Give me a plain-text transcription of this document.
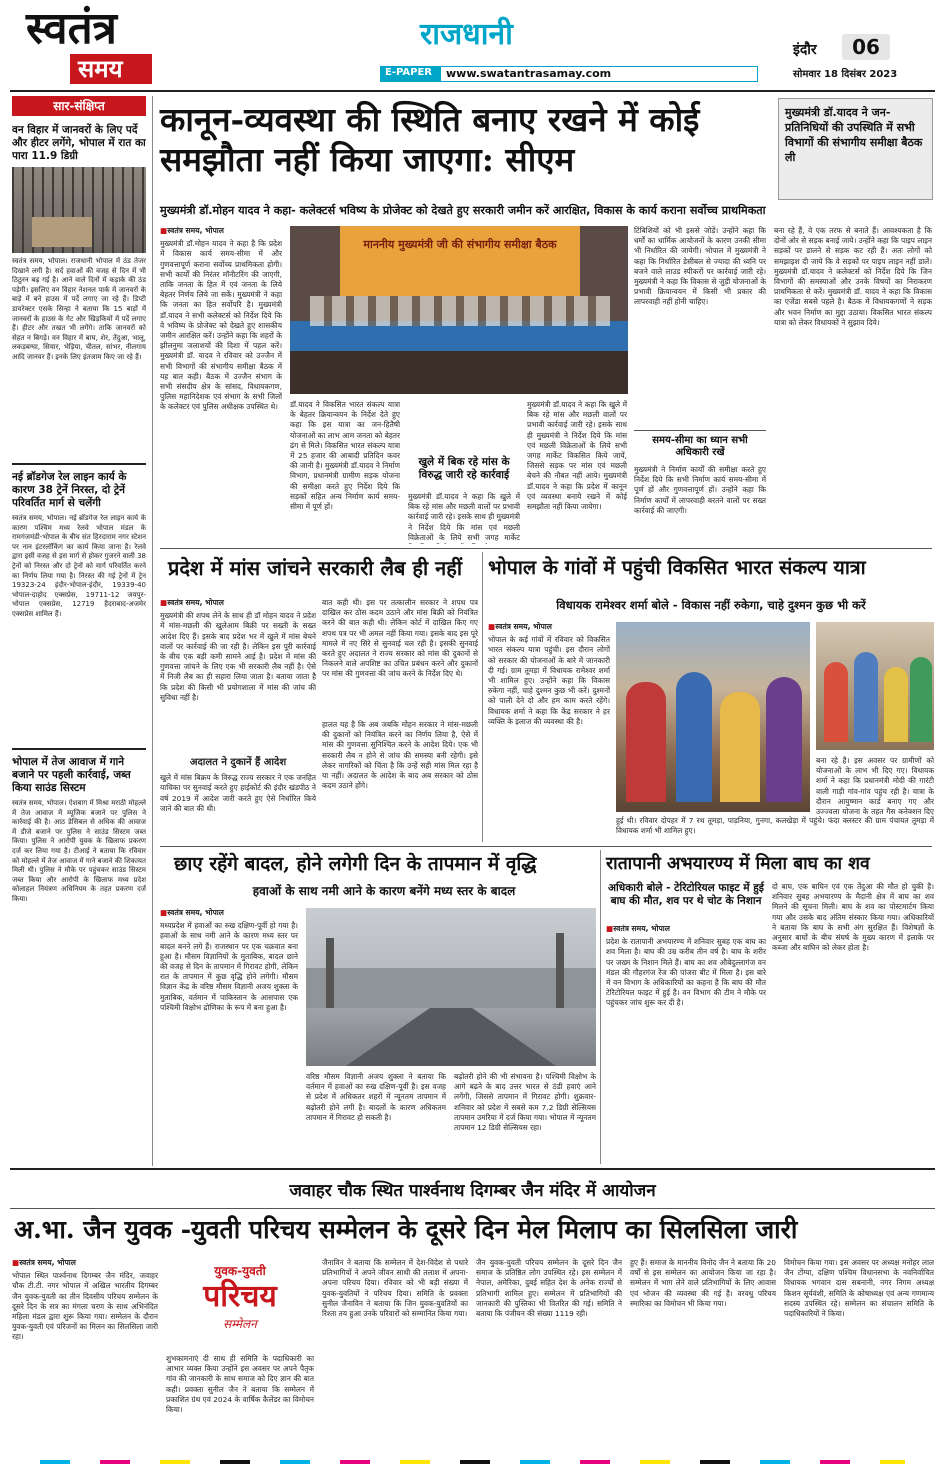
स्वतंत्र
समय
राजधानी
E-PAPER www.swatantrasamay.com
इंदौर	06
सोमवार 18 दिसंबर 2023
सार-संक्षिप्त
वन विहार में जानवरों के लिए पर्दे और हीटर लगेंगे, भोपाल में रात का पारा 11.9 डिग्री
स्वतंत्र समय, भोपाल। राजधानी भोपाल में ठंड तेजर दिखाने लगी है। सर्द हवाओं की वजह से दिन में भी ठिठुरन बढ़ गई है। आने वाले दिनों में कड़ाके की ठंड पड़ेगी। इसलिए वन विहार नेशनल पार्क में जानवरों के बाड़े में बने हाउस में पर्दे लगाए जा रहे हैं। डिप्टी डायरेक्टर एसके सिन्हा ने बताया कि 15 बाड़ों में जानवरों के हाउस के गेट और खिड़कियों में पर्दे लगाए हैं। हीटर और तखत भी लगेंगे। ताकि जानवरों को सेहत न बिगड़े। वन विहार में बाघ, शेर, तेंदुआ, भालू, लकड़बग्घा, सियार, भेड़िया, चीतल, सांभर, नीलगाय आदि जानवर हैं। इनके लिए इंतजाम किए जा रहे हैं।
नई ब्रॉडगेज रेल लाइन कार्य के कारण 38 ट्रेनें निरस्त, दो ट्रेनें परिवर्तित मार्ग से चलेंगी
स्वतंत्र समय, भोपाल। नई ब्रॉडगेज रेल लाइन कार्य के कारण पश्चिम मध्य रेलवे भोपाल मंडल के रामगंजमंडी-भोपाल के बीच संत हिरदाराम नगर स्टेशन पर नान इंटरलॉकिंग का कार्य किया जाना है। रेलवे द्वारा इसी वजह से इस मार्ग से होकर गुजरने वाली 38 ट्रेनों को निरस्त और दो ट्रेनों को मार्ग परिवर्तित करने का निर्णय लिया गया है। निरस्त की गई ट्रेनों में ट्रेन 19323-24 इंदौर-भोपाल-इंदौर, 19339-40 भोपाल-दाहोद एक्सप्रेस, 19711-12 जयपुर-भोपाल एक्सप्रेस, 12719 हैदराबाद-अजमेर एक्सप्रेस शामिल हैं।
भोपाल में तेज आवाज में गाने बजाने पर पहली कार्रवाई, जब्त किया साउंड सिस्टम
स्वतंत्र समय, भोपाल। ऐशबाग में मिश्रा मराठी मोहल्ले में तेज आवाज में म्यूजिक बजाने पर पुलिस ने कार्रवाई की है। आठ डेसिबल से अधिक की आवाज में डीजे बजाने पर पुलिस ने साउंड सिस्टम जब्त किया। पुलिस ने आरोपी युवक के खिलाफ प्रकरण दर्ज कर लिया गया है। टीआई ने बताया कि रविवार को मोहल्ले में तेज आवाज में गाने बजाने की शिकायत मिली थी। पुलिस ने मौके पर पहुंचकर साउंड सिस्टम जब्त किया और आरोपी के खिलाफ मध्य प्रदेश कोलाहल नियंत्रण अधिनियम के तहत प्रकरण दर्ज किया।
कानून-व्यवस्था की स्थिति बनाए रखने में कोई समझौता नहीं किया जाएगा: सीएम
मुख्यमंत्री डॉ.यादव ने जन-प्रतिनिधियों की उपस्थिति में सभी विभागों की संभागीय समीक्षा बैठक ली
मुख्यमंत्री डॉ.मोहन यादव ने कहा- कलेक्टर्स भविष्य के प्रोजेक्ट को देखते हुए सरकारी जमीन करें आरक्षित, विकास के कार्य कराना सर्वोच्च प्राथमिकता
■ स्वतंत्र समय, भोपाल
मुख्यमंत्री डॉ.मोहन यादव ने कहा है कि प्रदेश में विकास कार्य समय-सीमा में और गुणवत्तापूर्ण कराना सर्वोच्च प्राथमिकता होगी। सभी कार्यों की निरंतर मॉनीटरिंग की जाएगी, ताकि जनता के हित में एवं जनता के लिये बेहतर निर्णय लिये जा सकें। मुख्यमंत्री ने कहा कि जनता का हित सर्वोपरि है। मुख्यमंत्री डॉ.यादव ने सभी कलेक्टर्स को निर्देश दिये कि वे भविष्य के प्रोजेक्ट को देखते हुए शासकीय जमीन आरक्षित करें। उन्होंने कहा कि शहरों के झीलनुमा जलाशयों की दिशा में पहल करें। मुख्यमंत्री डॉ. यादव ने रविवार को उज्जैन में सभी विभागों की संभागीय समीक्षा बैठक में यह बात कही। बैठक में उज्जैन संभाग के सभी संसदीय क्षेत्र के सांसद, विधायकगण, पुलिस महानिदेशक एवं संभाग के सभी जिलों के कलेक्टर एवं पुलिस अधीक्षक उपस्थित थे।
माननीय मुख्यमंत्री जी की संभागीय समीक्षा बैठक
डॉ.यादव ने विकसित भारत संकल्प यात्रा के बेहतर क्रियान्वयन के निर्देश देते हुए कहा कि इस यात्रा का जन-हितैषी योजनाओं का लाभ आम जनता को बेहतर ढंग से मिले। विकसित भारत संकल्प यात्रा में 25 हजार की आबादी प्रतिदिन कवर की जानी है। मुख्यमंत्री डॉ.यादव ने निर्माण विभाग, प्रधानमंत्री ग्रामीण सड़क योजना की समीक्षा करते हुए निर्देश दिये कि सड़कों सहित अन्य निर्माण कार्य समय-सीमा में पूर्ण हों।
खुले में बिक रहे मांस के विरुद्ध जारी रहे कार्रवाई
मुख्यमंत्री डॉ.यादव ने कहा कि खुले में बिक रहे मांस और मछली वालों पर प्रभावी कार्रवाई जारी रहे। इसके साथ ही मुख्यमंत्री ने निर्देश दिये कि मांस एवं मछली विक्रेताओं के लिये सभी जगह मार्केट
मुख्यमंत्री डॉ.यादव ने कहा कि खुले में बिक रहे मांस और मछली वालों पर प्रभावी कार्रवाई जारी रहे। इसके साथ ही मुख्यमंत्री ने निर्देश दिये कि मांस एवं मछली विक्रेताओं के लिये सभी जगह मार्केट विकसित किये जायें, जिससे सड़क पर मांस एवं मछली बेचने की नौबत नहीं आये। मुख्यमंत्री डॉ.यादव ने कहा कि प्रदेश में कानून एवं व्यवस्था बनाये रखने में कोई समझौता नहीं किया जायेगा।
टिंबिशियों को भी इससे जोड़ें। उन्होंने कहा कि धर्मों का धार्मिक आयोजनों के कारण उनकी सीमा भी निर्धारित की जायेगी। भोपाल में मुख्यमंत्री ने कहा कि निर्धारित डेसीबल से ज्यादा की ध्वनि पर बजने वाले लाउड स्पीकरों पर कार्रवाई जारी रहे। मुख्यमंत्री ने कहा कि विकास से जुड़ी योजनाओं के प्रभावी क्रियान्वयन में किसी भी प्रकार की लापरवाही नहीं होनी चाहिए।
समय-सीमा का ध्यान सभी अधिकारी रखें
मुख्यमंत्री ने निर्माण कार्यों की समीक्षा करते हुए निर्देश दिये कि सभी निर्माण कार्य समय-सीमा में पूर्ण हों और गुणवत्तापूर्ण हों। उन्होंने कहा कि निर्माण कार्यों में लापरवाही बरतने वालों पर सख्त कार्रवाई की जाएगी।
बना रहे हैं, वे एक तरफ से बनाते हैं। आवश्यकता है कि दोनों ओर से सड़क बनाई जाये। उन्होंने कहा कि पाइप लाइन सड़कों पर डालने से सड़क कट रही हैं। अतः लोगों को समझाइश दी जाये कि वे सड़कों पर पाइप लाइन नहीं डालें। मुख्यमंत्री डॉ.यादव ने कलेक्टर्स को निर्देश दिये कि जिन विभागों की समस्याओं और उनके विषयों का निराकरण प्राथमिकता से करें। मुख्यमंत्री डॉ. यादव ने कहा कि विकास का एजेंडा सबसे पहले है। बैठक में विधायकगणों ने सड़क और भवन निर्माण का मुद्दा उठाया। विकसित भारत संकल्प यात्रा को लेकर विधायकों ने सुझाव दिये।
प्रदेश में मांस जांचने सरकारी लैब ही नहीं
■ स्वतंत्र समय, भोपाल
मुख्यमंत्री की शपथ लेने के साथ ही डॉ मोहन यादव ने प्रदेश में मांस-मछली की खुलेआम बिक्री पर सख्ती के सख्त आदेश दिए हैं। इसके बाद प्रदेश भर में खुले में मांस बेचने वालों पर कार्रवाई की जा रही है। लेकिन इस पूरी कार्रवाई के बीच एक बड़ी कमी सामने आई है। प्रदेश में मांस की गुणवत्ता जांचने के लिए एक भी सरकारी लैब नहीं है। ऐसे में निजी लैब का ही सहारा लिया जाता है। बताया जाता है कि प्रदेश की किसी भी प्रयोगशाला में मांस की जांच की सुविधा नहीं है।
अदालत ने दुकानें हैं आदेश
खुले में मांस बिक्रय के विरुद्ध राज्य सरकार ने एक जनहित याचिका पर सुनवाई करते हुए हाईकोर्ट की इंदौर खंडपीठ ने वर्ष 2019 में आदेश जारी करते हुए ऐसे निर्धारित किये जाने की बात की थी।
बात कही थी। इस पर तत्कालीन सरकार ने शपथ पत्र दाखिल कर ठोस कदम उठाने और मांस बिक्री को नियंत्रित करने की बात कही थी। लेकिन कोर्ट में दाखिल किए गए शपथ पत्र पर भी अमल नहीं किया गया। इसके बाद इस पूरे मामले में नए सिरे से सुनवाई चल रही है। इसकी सुनवाई करते हुए अदालत ने राज्य सरकार को मांस की दुकानों से निकलने वाले अपशिष्ट का उचित प्रबंधन करने और दुकानों पर मांस की गुणवत्ता की जांच करने के निर्देश दिए थे।
हालत यह है कि अब जबकि मोहन सरकार ने मांस-मछली की दुकानों को नियंत्रित करने का निर्णय लिया है, ऐसे में मांस की गुणवत्ता सुनिश्चित करने के आदेश दिये। एक भी सरकारी लैब न होने से जांच की समस्या बनी रहेगी। इसे लेकर नागरिकों को चिंता है कि उन्हें सही मांस मिल रहा है या नहीं। अदालत के आदेश के बाद अब सरकार को ठोस कदम उठाने होंगे।
भोपाल के गांवों में पहुंची विकसित भारत संकल्प यात्रा
विधायक रामेश्वर शर्मा बोले - विकास नहीं रुकेगा, चाहे दुश्मन कुछ भी करें
■ स्वतंत्र समय, भोपाल
भोपाल के कई गांवों में रविवार को विकसित भारत संकल्प यात्रा पहुंची। इस दौरान लोगों को सरकार की योजनाओं के बारे में जानकारी दी गई। ग्राम तूमड़ा में विधायक रामेश्वर शर्मा भी शामिल हुए। उन्होंने कहा कि विकास रुकेगा नहीं, चाहे दुश्मन कुछ भी करें। दुश्मनों को पाली देने दो और हम काम करते रहेंगे। विधायक शर्मा ने कहा कि केंद्र सरकार ने हर व्यक्ति के इलाज की व्यवस्था की है।
बना रहे है। इस अवसर पर ग्रामीणों को योजनाओं के लाभ भी दिए गए। विधायक शर्मा ने कहा कि प्रधानमंत्री मोदी की गारंटी वाली गाड़ी गांव-गांव पहुंच रही है। यात्रा के दौरान आयुष्मान कार्ड बनाए गए और उज्ज्वला योजना के तहत गैस कनेक्शन दिए
हुई थी। रविवार दोपहर में 7 रथ तूमड़ा, पाड़निया, गुनगा, कलखेड़ा में पहुंचे। फंदा क्लस्टर की ग्राम पंचायत तूमड़ा में विधायक शर्मा भी शामिल हुए।
छाए रहेंगे बादल, होने लगेगी दिन के तापमान में वृद्धि
हवाओं के साथ नमी आने के कारण बनेंगे मध्य स्तर के बादल
■ स्वतंत्र समय, भोपाल
मध्यप्रदेश में हवाओं का रुख दक्षिण-पूर्वी हो गया है। हवाओं के साथ नमी आने के कारण मध्य स्तर पर बादल बनने लगे हैं। राजस्थान पर एक चक्रवात बना हुआ है। मौसम विज्ञानियों के मुताबिक, बादल छाने की वजह से दिन के तापमान में गिरावट होगी, लेकिन रात के तापमान में कुछ वृद्धि होने लगेगी। मौसम विज्ञान केंद्र के वरिष्ठ मौसम विज्ञानी अजय शुक्ला के मुताबिक, वर्तमान में पाकिस्तान के आसपास एक पश्चिमी विक्षोभ द्रोणिका के रूप में बना हुआ है।
वरिष्ठ मौसम विज्ञानी अजय शुक्ला ने बताया कि वर्तमान में हवाओं का रुख दक्षिण-पूर्वी है। इस वजह से प्रदेश में अधिकतर शहरों में न्यूनतम तापमान में बढ़ोतरी होने लगी है। बादलों के कारण अधिकतम तापमान में गिरावट हो सकती है।
बढ़ोतरी होने की भी संभावना है। पश्चिमी विक्षोभ के आगे बढ़ने के बाद उत्तर भारत से ठंडी हवाएं आने लगेंगी, जिससे तापमान में गिरावट होगी। शुक्रवार-शनिवार को प्रदेश में सबसे कम 7.2 डिग्री सेल्सियस तापमान उमरिया में दर्ज किया गया। भोपाल में न्यूनतम तापमान 12 डिग्री सेल्सियस रहा।
रातापानी अभयारण्य में मिला बाघ का शव
अधिकारी बोले - टेरिटोरियल फाइट में हुई बाघ की मौत, शव पर थे चोट के निशान
■ स्वतंत्र समय, भोपाल
प्रदेश के रातापानी अभयारण्य में शनिवार सुबह एक बाघ का शव मिला है। बाघ की उम्र करीब तीन वर्ष है। बाघ के शरीर पर जख्म के निशान मिले हैं। बाघ का शव औबेदुल्लागंज वन मंडल की गौहरगंज रेंज की पांजरा बीट में मिला है। इस बारे में वन विभाग के अधिकारियों का कहना है कि बाघ की मौत टेरिटोरियल फाइट में हुई है। वन विभाग की टीम ने मौके पर पहुंचकर जांच शुरू कर दी है।
दो बाघ, एक बाघिन एवं एक तेंदुआ की मौत हो चुकी है। शनिवार सुबह अभयारण्य के मैदानी क्षेत्र में बाघ का शव मिलने की सूचना मिली। बाघ के शव का पोस्टमार्टम किया गया और उसके बाद अंतिम संस्कार किया गया। अधिकारियों ने बताया कि बाघ के सभी अंग सुरक्षित हैं। विशेषज्ञों के अनुसार बाघों के बीच संघर्ष के मुख्य कारण में इलाके पर कब्जा और बाघिन को लेकर होता है।
जवाहर चौक स्थित पार्श्वनाथ दिगम्बर जैन मंदिर में आयोजन
अ.भा. जैन युवक -युवती परिचय सम्मेलन के दूसरे दिन मेल मिलाप का सिलसिला जारी
■ स्वतंत्र समय, भोपाल
भोपाल स्थित पार्श्वनाथ दिगम्बर जैन मंदिर, जवाहर चौक टी.टी. नगर भोपाल में अखिल भारतीय दिगम्बर जैन युवक-युवती का तीन दिवसीय परिचय सम्मेलन के दूसरे दिन के सत्र का मंगला चरण के साथ अभिनंदित महिला मंडल द्वारा शुरू किया गया। सम्मेलन के दौरान युवक-युवती एवं परिजनों का मिलन का सिलसिला जारी रहा।
युवक-युवती
परिचय
सम्मेलन
शुभकामनाएं दी साथ ही समिति के पदाधिकारी का आभार व्यक्त किया उन्होंने इस अवसर पर अपने पैतृक गांव की जानकारी के साथ समाज को दिए ज्ञान की बात कही। प्रवक्ता सुनील जैन ने बताया कि सम्मेलन में प्रकाशित ग्रंथ एवं 2024 के वार्षिक कैलेंडर का विमोचन किया।
जैनाविन ने बताया कि सम्मेलन में देश-विदेश से पधारे प्रतिभागियों ने अपने जीवन साथी की तलाश में अपना-अपना परिचय दिया। रविवार को भी बड़ी संख्या में युवक-युवतियों ने परिचय दिया। समिति के प्रवक्ता सुनील जैनाविन ने बताया कि जिन युवक-युवतियों का रिश्ता तय हुआ उनके परिवारों को सम्मानित किया गया।
जैन युवक-युवती परिचय सम्मेलन के दूसरे दिन जैन समाज के प्रतिष्ठित लोग उपस्थित रहे। इस सम्मेलन में नेपाल, अमेरिका, दुबई सहित देश के अनेक राज्यों से प्रतिभागी शामिल हुए। सम्मेलन में प्रतिभागियों की जानकारी की पुस्तिका भी वितरित की गई। समिति ने बताया कि पंजीयन की संख्या 1119 रही।
हुए हैं। समाज के माननीय विनोद जैन ने बताया कि 20 वर्षों से इस सम्मेलन का आयोजन किया जा रहा है। सम्मेलन में भाग लेने वाले प्रतिभागियों के लिए आवास एवं भोजन की व्यवस्था की गई है। वरवधु परिचय स्मारिका का विमोचन भी किया गया।
विमोचन किया गया। इस अवसर पर अध्यक्ष मनोहर लाल जैन टोंग्या, दक्षिण पश्चिम विधानसभा के नवनिर्वाचित विधायक भगवान दास सबनानी, नगर निगम अध्यक्ष किशन सूर्यवंशी, समिति के कोषाध्यक्ष एवं अन्य गणमान्य सदस्य उपस्थित रहे। सम्मेलन का संचालन समिति के पदाधिकारियों ने किया।
